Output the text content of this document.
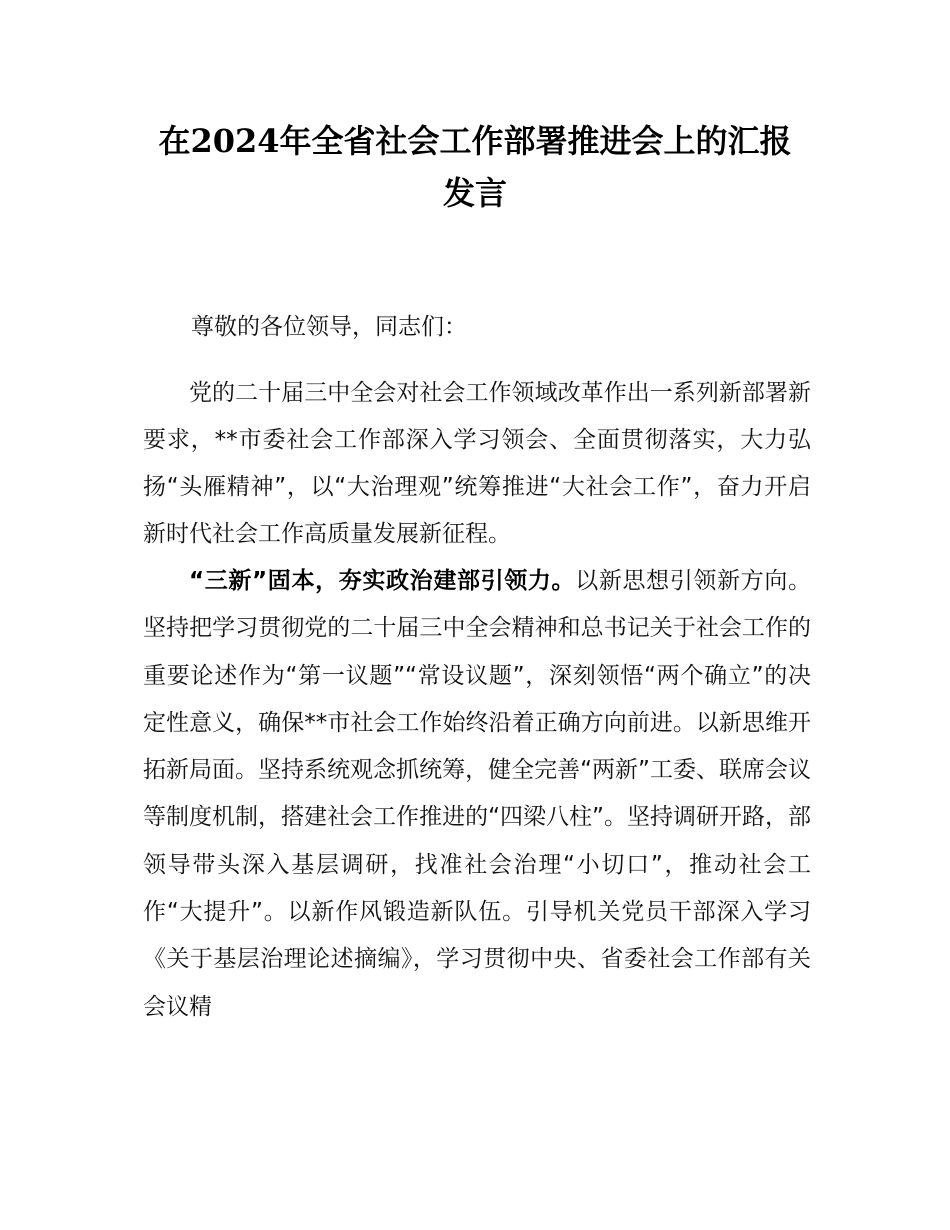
在2024年全省社会工作部署推进会上的汇报
发言

尊敬的各位领导，同志们：

党的二十届三中全会对社会工作领域改革作出一系列新部署新要求，**市委社会工作部深入学习领会、全面贯彻落实，大力弘扬“头雁精神”，以“大治理观”统筹推进“大社会工作”，奋力开启新时代社会工作高质量发展新征程。

“三新”固本，夯实政治建部引领力。以新思想引领新方向。坚持把学习贯彻党的二十届三中全会精神和总书记关于社会工作的重要论述作为“第一议题”“常设议题”，深刻领悟“两个确立”的决定性意义，确保**市社会工作始终沿着正确方向前进。以新思维开拓新局面。坚持系统观念抓统筹，健全完善“两新”工委、联席会议等制度机制，搭建社会工作推进的“四梁八柱”。坚持调研开路，部领导带头深入基层调研，找准社会治理“小切口”，推动社会工作“大提升”。以新作风锻造新队伍。引导机关党员干部深入学习《关于基层治理论述摘编》，学习贯彻中央、省委社会工作部有关会议精
